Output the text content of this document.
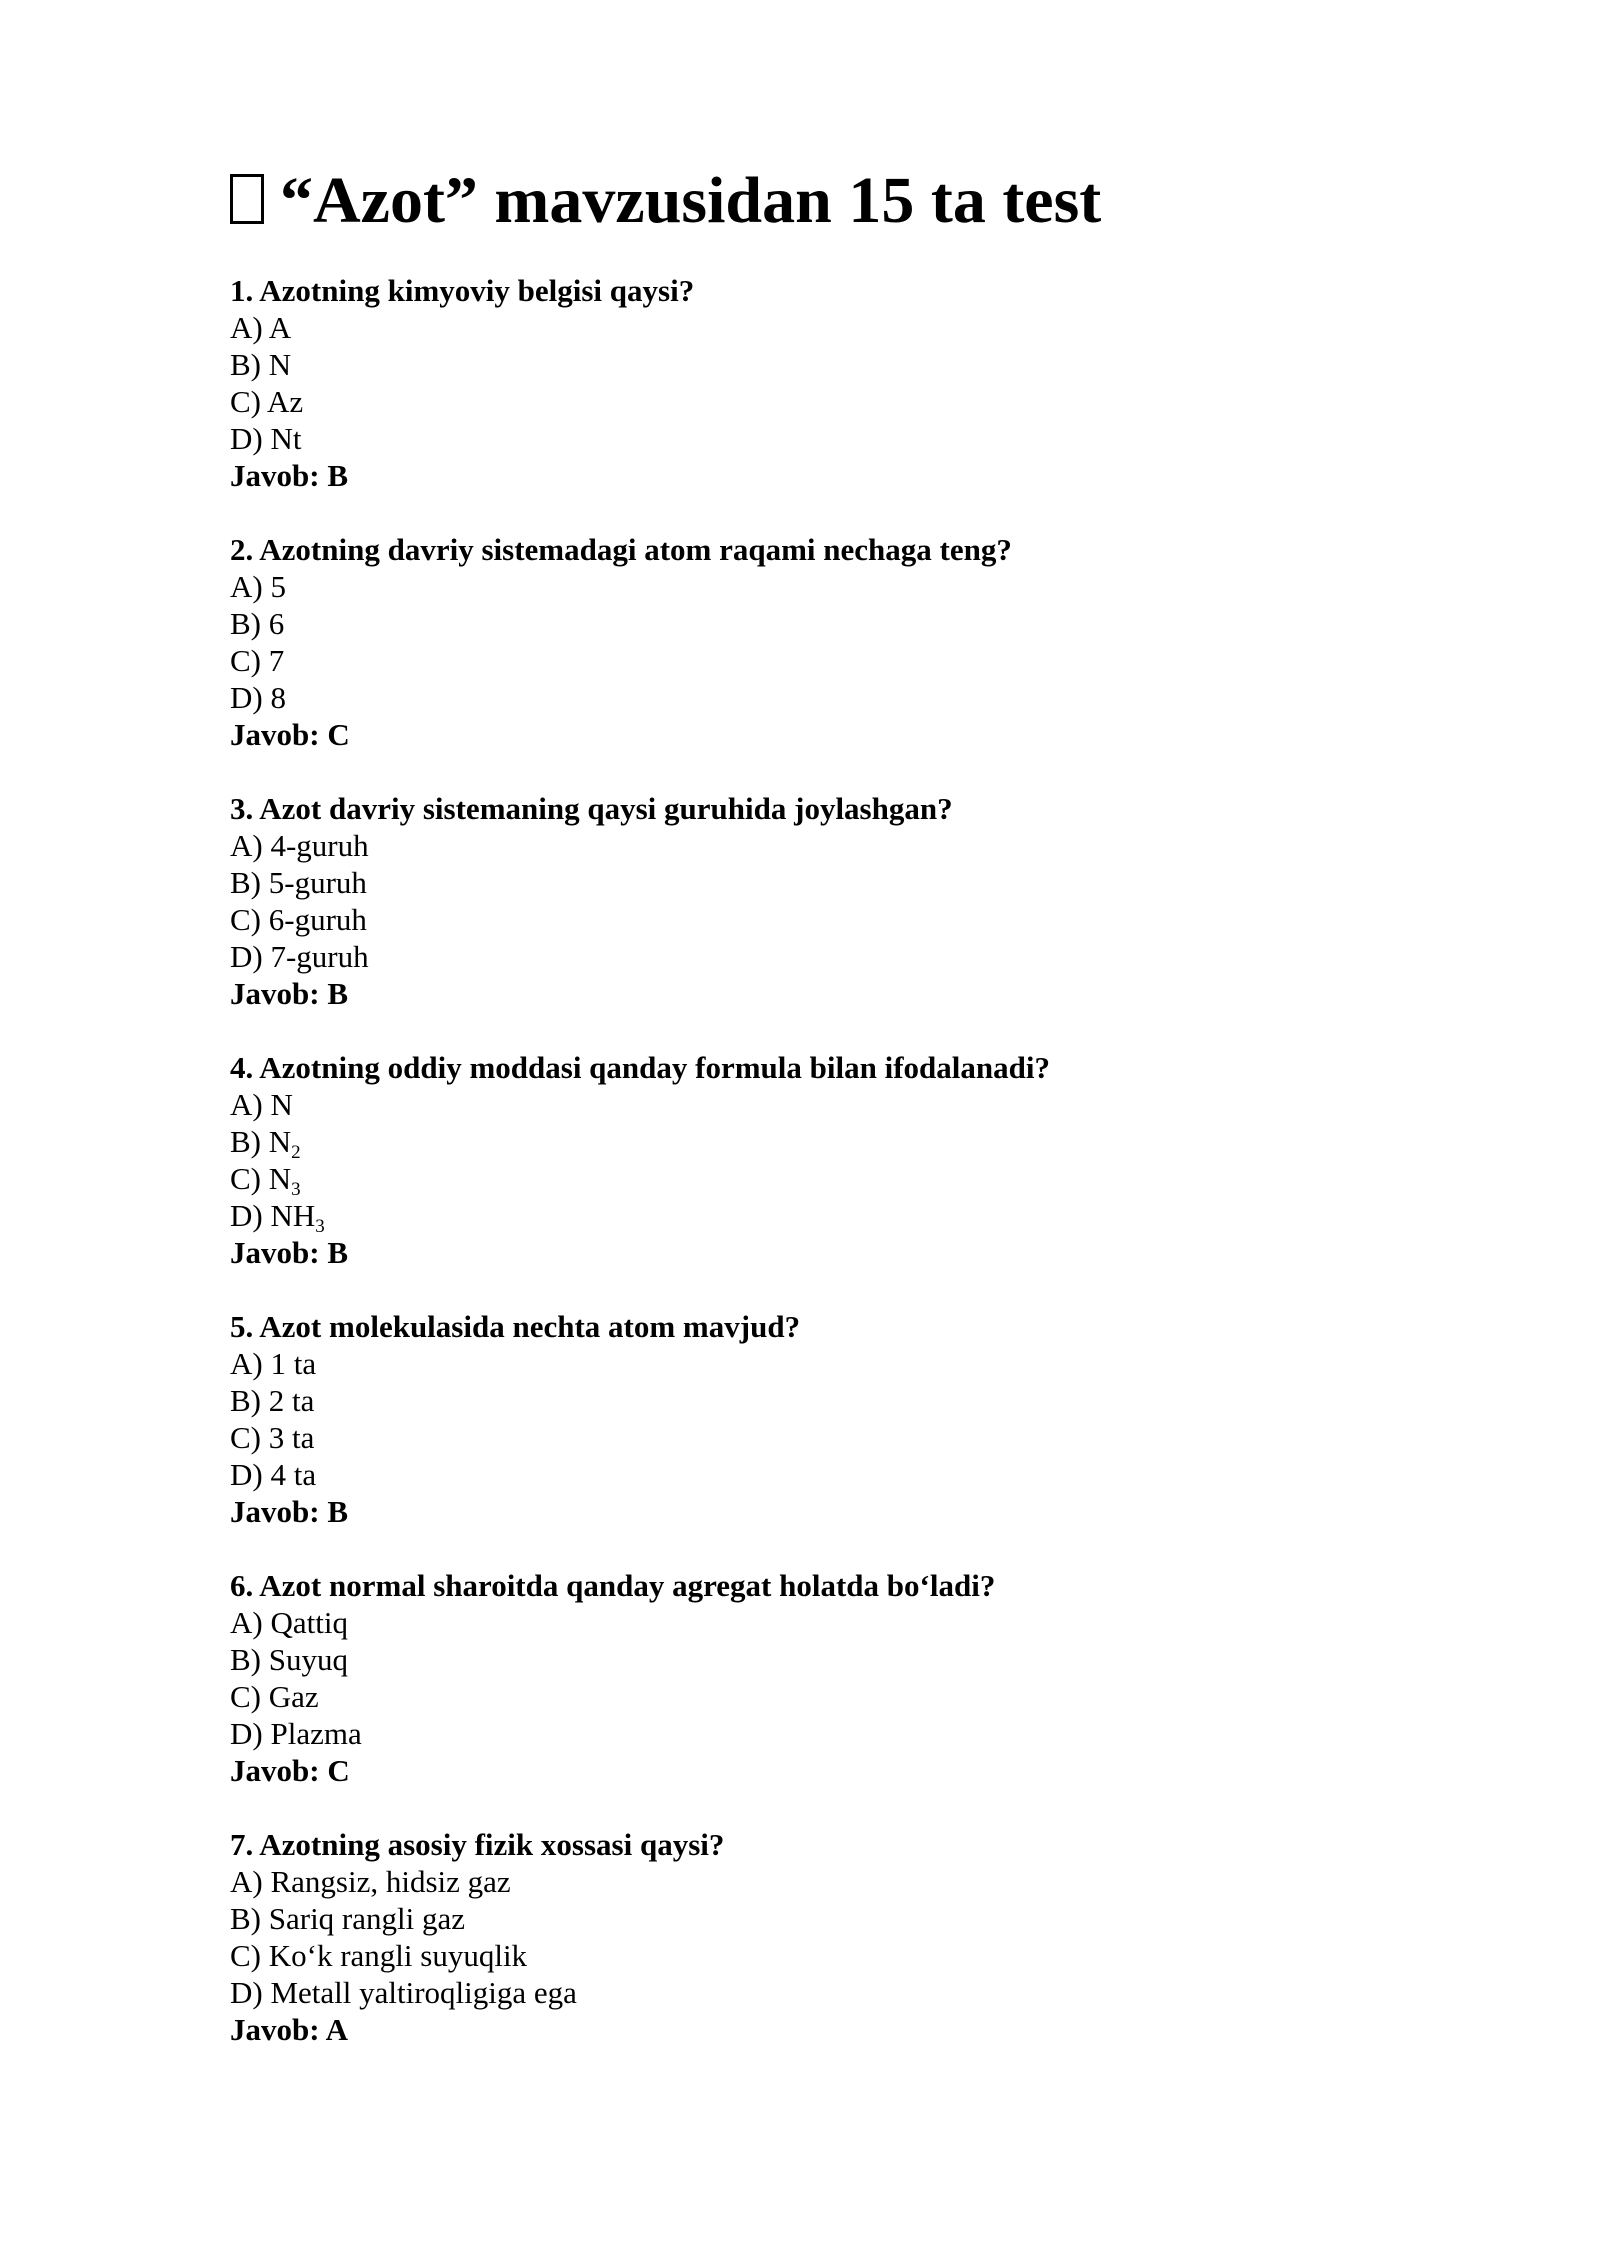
“Azot” mavzusidan 15 ta test
1. Azotning kimyoviy belgisi qaysi?
A) A
B) N
C) Az
D) Nt
Javob: B
2. Azotning davriy sistemadagi atom raqami nechaga teng?
A) 5
B) 6
C) 7
D) 8
Javob: C
3. Azot davriy sistemaning qaysi guruhida joylashgan?
A) 4-guruh
B) 5-guruh
C) 6-guruh
D) 7-guruh
Javob: B
4. Azotning oddiy moddasi qanday formula bilan ifodalanadi?
A) N
B) $N_2$
C) $N_3$
D) $NH_3$
Javob: B
5. Azot molekulasida nechta atom mavjud?
A) 1 ta
B) 2 ta
C) 3 ta
D) 4 ta
Javob: B
6. Azot normal sharoitda qanday agregat holatda boʻladi?
A) Qattiq
B) Suyuq
C) Gaz
D) Plazma
Javob: C
7. Azotning asosiy fizik xossasi qaysi?
A) Rangsiz, hidsiz gaz
B) Sariq rangli gaz
C) Koʻk rangli suyuqlik
D) Metall yaltiroqligiga ega
Javob: A
